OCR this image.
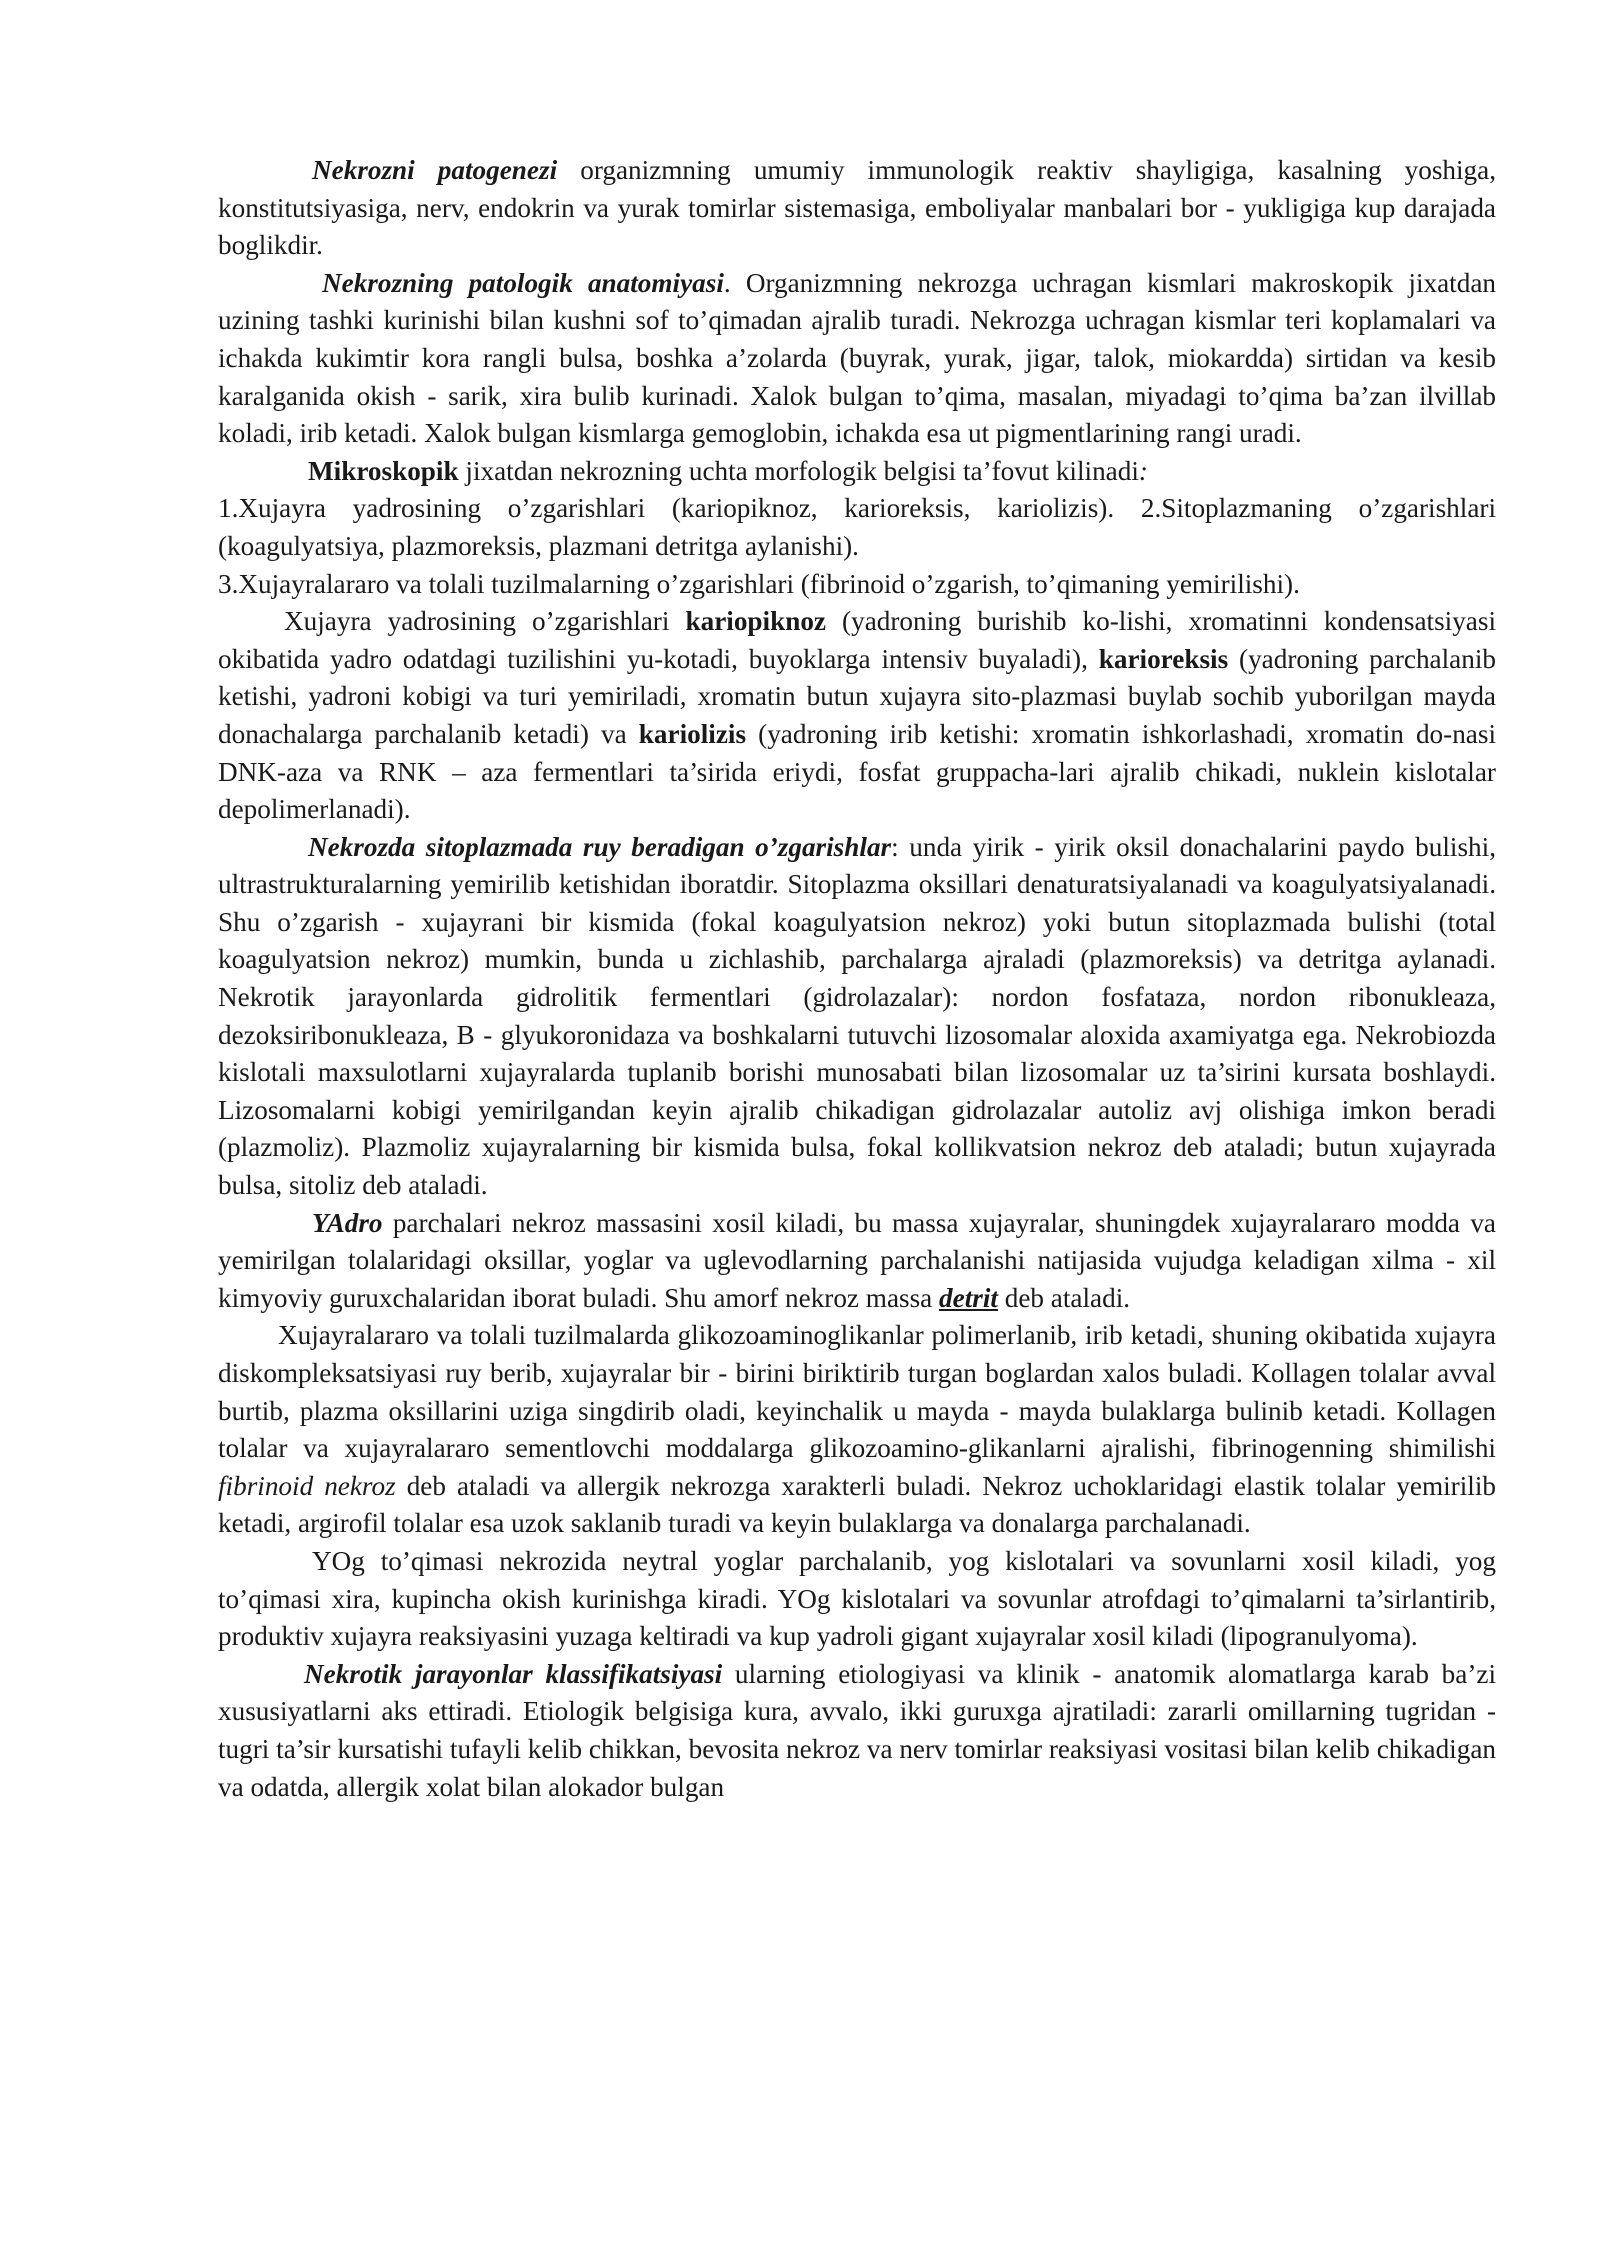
Nekrozni patogenezi organizmning umumiy immunologik reaktiv shayligiga, kasalning yoshiga, konstitutsiyasiga, nerv, endokrin va yurak tomirlar sistemasiga, emboliyalar manbalari bor - yukligiga kup darajada boglikdir.

Nekrozning patologik anatomiyasi. Organizmning nekrozga uchragan kismlari makroskopik jixatdan uzining tashki kurinishi bilan kushni sof to’qimadan ajralib turadi. Nekrozga uchragan kismlar teri koplamalari va ichakda kukimtir kora rangli bulsa, boshka a’zolarda (buyrak, yurak, jigar, talok, miokardda) sirtidan va kesib karalganida okish - sarik, xira bulib kurinadi. Xalok bulgan to’qima, masalan, miyadagi to’qima ba’zan ilvillab koladi, irib ketadi. Xalok bulgan kismlarga gemoglobin, ichakda esa ut pigmentlarining rangi uradi.

Mikroskopik jixatdan nekrozning uchta morfologik belgisi ta’fovut kilinadi:

1.Xujayra yadrosining o’zgarishlari (kariopiknoz, karioreksis, kariolizis). 2.Sitoplazmaning o’zgarishlari (koagulyatsiya, plazmoreksis, plazmani detritga aylanishi).

3.Xujayralararo va tolali tuzilmalarning o’zgarishlari (fibrinoid o’zgarish, to’qimaning yemirilishi).

Xujayra yadrosining o’zgarishlari kariopiknoz (yadroning burishib ko-lishi, xromatinni kondensatsiyasi okibatida yadro odatdagi tuzilishini yu-kotadi, buyoklarga intensiv buyaladi), karioreksis (yadroning parchalanib ketishi, yadroni kobigi va turi yemiriladi, xromatin butun xujayra sito-plazmasi buylab sochib yuborilgan mayda donachalarga parchalanib ketadi) va kariolizis (yadroning irib ketishi: xromatin ishkorlashadi, xromatin do-nasi DNK-aza va RNK – aza fermentlari ta’sirida eriydi, fosfat gruppacha-lari ajralib chikadi, nuklein kislotalar depolimerlanadi).

Nekrozda sitoplazmada ruy beradigan o’zgarishlar: unda yirik - yirik oksil donachalarini paydo bulishi, ultrastrukturalarning yemirilib ketishidan iboratdir. Sitoplazma oksillari denaturatsiyalanadi va koagulyatsiyalanadi. Shu o’zgarish - xujayrani bir kismida (fokal koagulyatsion nekroz) yoki butun sitoplazmada bulishi (total koagulyatsion nekroz) mumkin, bunda u zichlashib, parchalarga ajraladi (plazmoreksis) va detritga aylanadi. Nekrotik jarayonlarda gidrolitik fermentlari (gidrolazalar): nordon fosfataza, nordon ribonukleaza, dezoksiribonukleaza, B - glyukoronidaza va boshkalarni tutuvchi lizosomalar aloxida axamiyatga ega. Nekrobiozda kislotali maxsulotlarni xujayralarda tuplanib borishi munosabati bilan lizosomalar uz ta’sirini kursata boshlaydi. Lizosomalarni kobigi yemirilgandan keyin ajralib chikadigan gidrolazalar autoliz avj olishiga imkon beradi (plazmoliz). Plazmoliz xujayralarning bir kismida bulsa, fokal kollikvatsion nekroz deb ataladi; butun xujayrada bulsa, sitoliz deb ataladi.

YAdro parchalari nekroz massasini xosil kiladi, bu massa xujayralar, shuningdek xujayralararo modda va yemirilgan tolalaridagi oksillar, yoglar va uglevodlarning parchalanishi natijasida vujudga keladigan xilma - xil kimyoviy guruxchalaridan iborat buladi. Shu amorf nekroz massa detrit deb ataladi.

Xujayralararo va tolali tuzilmalarda glikozoaminoglikanlar polimerlanib, irib ketadi, shuning okibatida xujayra diskompleksatsiyasi ruy berib, xujayralar bir - birini biriktirib turgan boglardan xalos buladi. Kollagen tolalar avval burtib, plazma oksillarini uziga singdirib oladi, keyinchalik u mayda - mayda bulaklarga bulinib ketadi. Kollagen tolalar va xujayralararo sementlovchi moddalarga glikozoamino-glikanlarni ajralishi, fibrinogenning shimilishi fibrinoid nekroz deb ataladi va allergik nekrozga xarakterli buladi. Nekroz uchoklaridagi elastik tolalar yemirilib ketadi, argirofil tolalar esa uzok saklanib turadi va keyin bulaklarga va donalarga parchalanadi.

YOg to’qimasi nekrozida neytral yoglar parchalanib, yog kislotalari va sovunlarni xosil kiladi, yog to’qimasi xira, kupincha okish kurinishga kiradi. YOg kislotalari va sovunlar atrofdagi to’qimalarni ta’sirlantirib, produktiv xujayra reaksiyasini yuzaga keltiradi va kup yadroli gigant xujayralar xosil kiladi (lipogranulyoma).

Nekrotik jarayonlar klassifikatsiyasi ularning etiologiyasi va klinik - anatomik alomatlarga karab ba’zi xususiyatlarni aks ettiradi. Etiologik belgisiga kura, avvalo, ikki guruxga ajratiladi: zararli omillarning tugridan - tugri ta’sir kursatishi tufayli kelib chikkan, bevosita nekroz va nerv tomirlar reaksiyasi vositasi bilan kelib chikadigan va odatda, allergik xolat bilan alokador bulgan
